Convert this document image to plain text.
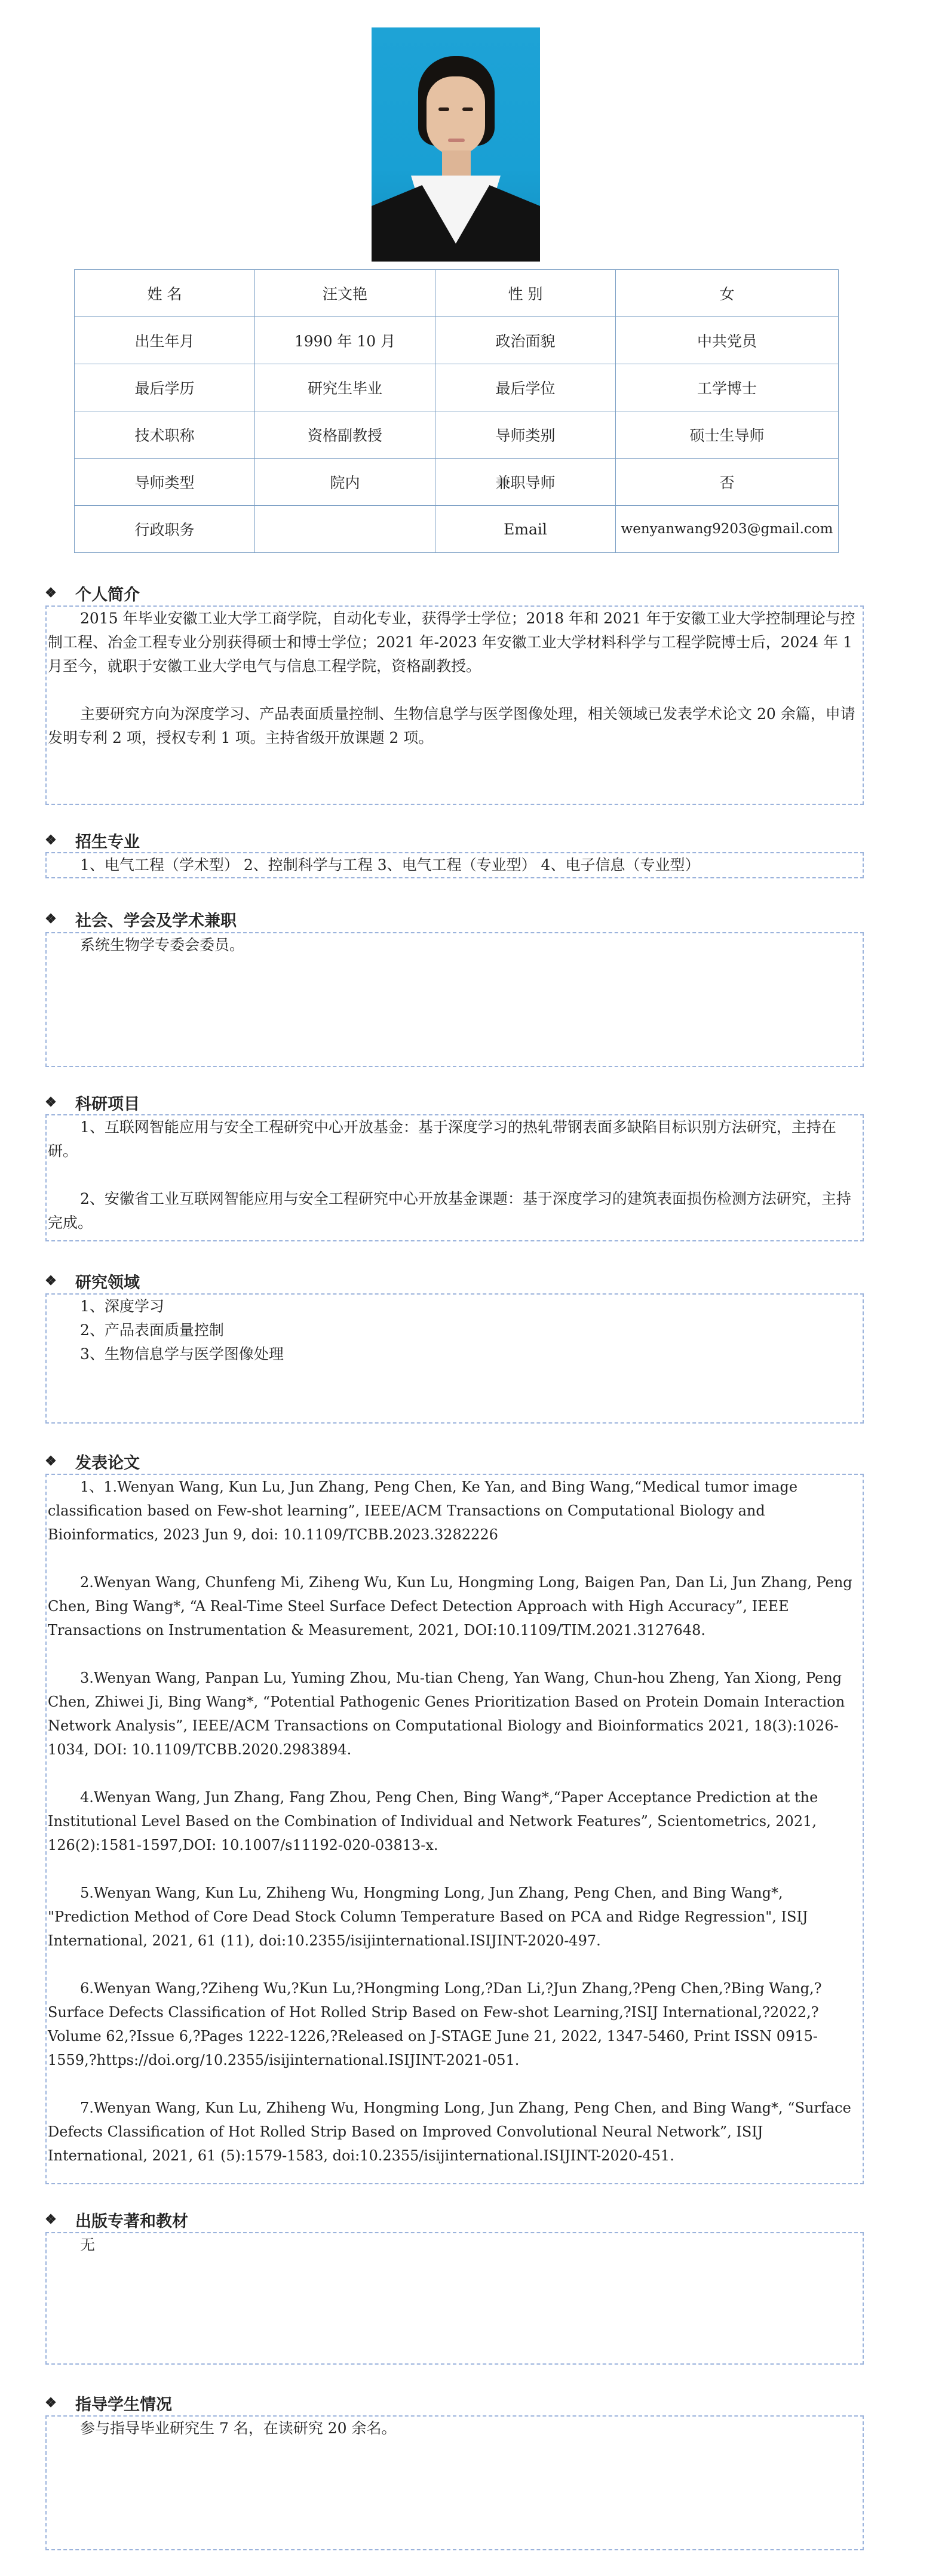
姓 名	汪文艳	性 别	女
出生年月	1990 年 10 月	政治面貌	中共党员
最后学历	研究生毕业	最后学位	工学博士
技术职称	资格副教授	导师类别	硕士生导师
导师类型	院内	兼职导师	否
行政职务		Email	wenyanwang9203@gmail.com
❖ 个人简介

2015 年毕业安徽工业大学工商学院，自动化专业，获得学士学位；2018 年和 2021 年于安徽工业大学控制理论与控制工程、冶金工程专业分别获得硕士和博士学位；2021 年-2023 年安徽工业大学材料科学与工程学院博士后，2024 年 1 月至今，就职于安徽工业大学电气与信息工程学院，资格副教授。

主要研究方向为深度学习、产品表面质量控制、生物信息学与医学图像处理，相关领域已发表学术论文 20 余篇，申请发明专利 2 项，授权专利 1 项。主持省级开放课题 2 项。

❖ 招生专业
1、电气工程（学术型） 2、控制科学与工程 3、电气工程（专业型） 4、电子信息（专业型）
❖ 社会、学会及学术兼职
系统生物学专委会委员。
❖ 科研项目

1、互联网智能应用与安全工程研究中心开放基金：基于深度学习的热轧带钢表面多缺陷目标识别方法研究，主持在研。

2、安徽省工业互联网智能应用与安全工程研究中心开放基金课题：基于深度学习的建筑表面损伤检测方法研究，主持完成。

❖ 研究领域
1、深度学习
2、产品表面质量控制
3、生物信息学与医学图像处理
❖ 发表论文

1、1.Wenyan Wang, Kun Lu, Jun Zhang, Peng Chen, Ke Yan, and Bing Wang,“Medical tumor image classification based on Few-shot learning”, IEEE/ACM Transactions on Computational Biology and Bioinformatics, 2023 Jun 9, doi: 10.1109/TCBB.2023.3282226

2.Wenyan Wang, Chunfeng Mi, Ziheng Wu, Kun Lu, Hongming Long, Baigen Pan, Dan Li, Jun Zhang, Peng Chen, Bing Wang*, “A Real-Time Steel Surface Defect Detection Approach with High Accuracy”, IEEE Transactions on Instrumentation & Measurement, 2021, DOI:10.1109/TIM.2021.3127648.

3.Wenyan Wang, Panpan Lu, Yuming Zhou, Mu-tian Cheng, Yan Wang, Chun-hou Zheng, Yan Xiong, Peng Chen, Zhiwei Ji, Bing Wang*, “Potential Pathogenic Genes Prioritization Based on Protein Domain Interaction Network Analysis”, IEEE/ACM Transactions on Computational Biology and Bioinformatics 2021, 18(3):1026-1034, DOI: 10.1109/TCBB.2020.2983894.

4.Wenyan Wang, Jun Zhang, Fang Zhou, Peng Chen, Bing Wang*,“Paper Acceptance Prediction at the Institutional Level Based on the Combination of Individual and Network Features”, Scientometrics, 2021, 126(2):1581‐1597,DOI: 10.1007/s11192-020-03813-x.

5.Wenyan Wang, Kun Lu, Zhiheng Wu, Hongming Long, Jun Zhang, Peng Chen, and Bing Wang*, "Prediction Method of Core Dead Stock Column Temperature Based on PCA and Ridge Regression", ISIJ International, 2021, 61 (11), doi:10.2355/isijinternational.ISIJINT-2020-497.

6.Wenyan Wang,?Ziheng Wu,?Kun Lu,?Hongming Long,?Dan Li,?Jun Zhang,?Peng Chen,?Bing Wang,?Surface Defects Classification of Hot Rolled Strip Based on Few-shot Learning,?ISIJ International,?2022,?Volume 62,?Issue 6,?Pages 1222-1226,?Released on J-STAGE June 21, 2022, 1347-5460, Print ISSN 0915-1559,?https://doi.org/10.2355/isijinternational.ISIJINT-2021-051.

7.Wenyan Wang, Kun Lu, Zhiheng Wu, Hongming Long, Jun Zhang, Peng Chen, and Bing Wang*, “Surface Defects Classification of Hot Rolled Strip Based on Improved Convolutional Neural Network”, ISIJ International, 2021, 61 (5):1579‐1583, doi:10.2355/isijinternational.ISIJINT-2020-451.

❖ 出版专著和教材
无
❖ 指导学生情况
参与指导毕业研究生 7 名，在读研究 20 余名。
